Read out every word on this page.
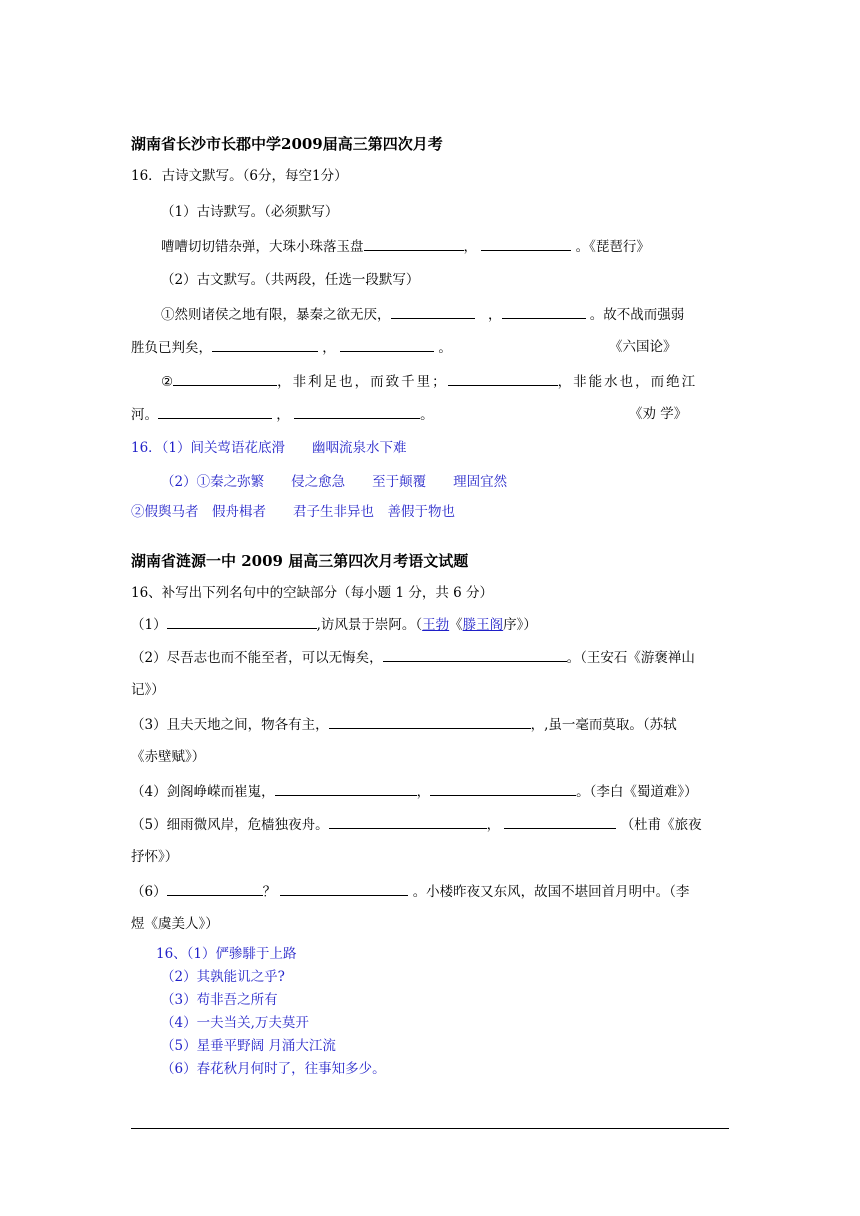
湖南省长沙市长郡中学2009届高三第四次月考
16．古诗文默写。（6分，每空1分）
（1）古诗默写。（必须默写）
嘈嘈切切错杂弹，大珠小珠落玉盘	，	。《琵琶行》
（2）古文默写。（共两段，任选一段默写）
①然则诸侯之地有限，暴秦之欲无厌，　	，	。故不战而强弱
胜负已判矣，	，	。	《六国论》
②	，非利足也，而致千里；	，非能水也，而绝江
河。	，	。	《劝 学》
16．（1）间关莺语花底滑　　幽咽流泉水下难
（2）①秦之弥繁　　侵之愈急　　至于颠覆　　理固宜然
②假舆马者　假舟楫者　　君子生非异也　善假于物也
湖南省涟源一中 2009 届高三第四次月考语文试题
16、补写出下列名句中的空缺部分（每小题 1 分，共 6 分）
（1）	,访风景于崇阿。（王勃《滕王阁序》）
（2）尽吾志也而不能至者，可以无悔矣，	。（王安石《游褒禅山
记》）
（3）且夫天地之间，物各有主，	，,虽一毫而莫取。（苏轼
《赤壁赋》）
（4）剑阁峥嵘而崔嵬，	，	。（李白《蜀道难》）
（5）细雨微风岸，危樯独夜舟。	，	（杜甫《旅夜
抒怀》）
（6）	？	。小楼昨夜又东风，故国不堪回首月明中。（李
煜《虞美人》）
16、（1）俨骖騑于上路
（2）其孰能讥之乎?
（3）苟非吾之所有
（4）一夫当关,万夫莫开
（5）星垂平野阔 月涌大江流
（6）春花秋月何时了，往事知多少。
